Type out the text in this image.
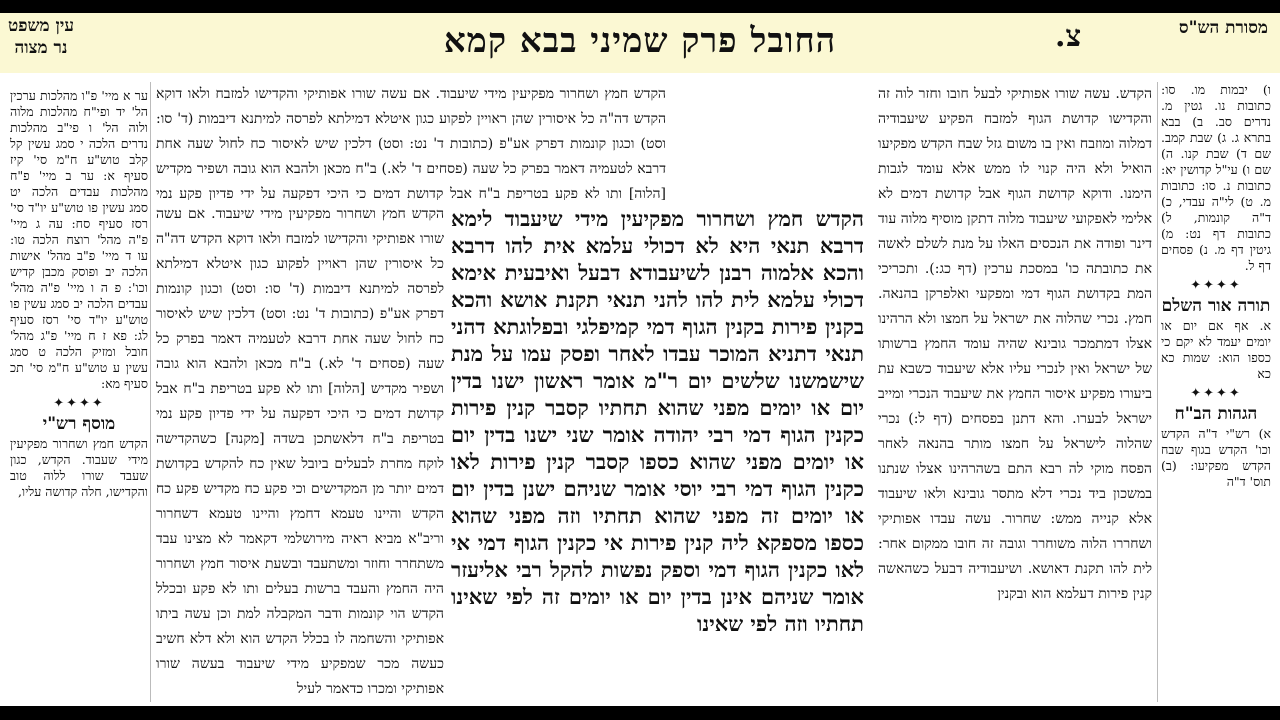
מסורת הש"ס
צ.
החובל פרק שמיני בבא קמא
עין משפט
נר מצוה
ו) יבמות מו. סו: כתובות נו. גטין מ. נדרים סב. ב) בבא בתרא ג. ג) שבת קמב. שם ד) שבת קנו. ה) שם ו) עי"ל קדושין יא: כתובות נ. סו: כתובות מ. ט) לי"ה עבדי, כ) ד"ה קונמות, ל) כתובות דף נט: מ) גיטין דף מ. נ) פסחים דף ל.
✦✦✦✦
תורה אור השלם
א. אף אם יום או יומים יעמד לא יקם כי כספו הוא: שמות כא כא
✦✦✦✦
הגהות הב"ח
א) רש"י ד"ה הקדש וכו' הקדש בגוף שבח הקדש מפקיעו: (ב) תוס' ד"ה
הקדש. עשה שורו אפותיקי לבעל חובו וחזר לוה זה והקדישו קדושת הגוף למזבח הפקיע שיעבודיה דמלוה ומוזבח ואין בו משום גזל שבח הקדש מפקיעו הואיל ולא היה קנוי לו ממש אלא עומד לגבות הימנו. ודוקא קדושת הגוף אבל קדושת דמים לא אלימי לאפקועי שיעבוד מלוה דתקן מוסיף מלוה עוד דינר ופודה את הנכסים האלו על מנת לשלם לאשה את כתובתה כו' במסכת ערכין (דף כג:). ותכריכי המת בקדושת הגוף דמי ומפקעי ואלפרקן בהנאה. חמץ. נכרי שהלוה את ישראל על חמצו ולא הרהינו אצלו דמתמכר גובינא שהיה עומד החמץ ברשותו של ישראל ואין לנכרי עליו אלא שיעבוד כשבא עת ביעורו מפקיע איסור החמץ את שיעבוד הנכרי ומייב ישראל לבערו. והא דתנן בפסחים (דף ל:) נכרי שהלוה לישראל על חמצו מותר בהנאה לאחר הפסח מוקי לה רבא התם בשהרהינו אצלו שנתנו במשכון ביד נכרי דלא מתסר גובינא ולאו שיעבוד אלא קנייה ממש: שחרור. עשה עבדו אפותיקי ושחררו הלוה משוחרר וגובה זה חובו ממקום אחר: לית להו תקנת דאושא. ושיעבודיה דבעל כשהאשה קנין פירות דעלמא הוא ובקנין
הקדש חמץ ושחרור מפקיעין מידי שיעבוד. אם עשה שורו אפותיקי והקדישו למזבח ולאו דוקא הקדש דה"ה כל איסורין שהן ראויין לפקוע כגון איטלא דמילתא לפרסה למיתנא דיבמות (ד' סו: וסט) וכגון קונמות דפרק אע"פ (כתובות ד' נט: וסט) דלכין שיש לאיסור כח לחול שעה אחת דרבא לטעמיה דאמר בפרק כל שעה (פסחים ד' לא.) ב"ח מכאן ולהבא הוא גובה ושפיר מקדיש [הלוה] ותו לא פקע בטריפת ב"ח אבל קדושת דמים כי היכי דפקעה על ידי פדיון פקע נמי
הקדש חמץ ושחרור מפקיעין מידי שיעבוד. אם עשה שורו אפותיקי והקדישו למזבח ולאו דוקא הקדש דה"ה כל איסורין שהן ראויין לפקוע כגון איטלא דמילתא לפרסה למיתנא דיבמות (ד' סו: וסט) וכגון קונמות דפרק אע"פ (כתובות ד' נט: וסט) דלכין שיש לאיסור כח לחול שעה אחת דרבא לטעמיה דאמר בפרק כל שעה (פסחים ד' לא.) ב"ח מכאן ולהבא הוא גובה ושפיר מקדיש [הלוה] ותו לא פקע בטריפת ב"ח אבל קדושת דמים כי היכי דפקעה על ידי פדיון פקע נמי בטריפת ב"ח דלאשתכן בשדה [מקנה] כשהקדישה לוקח מחרת לבעלים ביובל שאין כח להקדש בקדושת דמים יותר מן המקדישים וכי פקע כח מקדיש פקע כח הקדש והיינו טעמא דחמץ והיינו טעמא דשחרור וריב"א מביא ראיה מירושלמי דקאמר לא מצינו עבד משתחרר וחוזר ומשתעבד ובשעת איסור חמץ ושחרור היה החמץ והעבד ברשות בעלים ותו לא פקע ובכלל הקדש הוי קונמות ודבר המקבלה למת וכן עשה ביתו אפותיקי והשחמה לו בכלל הקדש הוא ולא דלא חשיב כעשה מכר שמפקיע מידי שיעבוד בעשה שורו אפותיקי ומכרו כדאמר לעיל
הקדש חמץ ושחרור מפקיעין מידי שיעבוד לימא דרבא תנאי היא לא דכולי עלמא אית להו דרבא והכא אלמוה רבנן לשיעבודא דבעל ואיבעית אימא דכולי עלמא לית להו להני תנאי תקנת אושא והכא בקנין פירות בקנין הגוף דמי קמיפלגי ובפלוגתא דהני תנאי דתניא המוכר עבדו לאחר ופסק עמו על מנת שישמשנו שלשים יום ר"מ אומר ראשון ישנו בדין יום או יומים מפני שהוא תחתיו קסבר קנין פירות כקנין הגוף דמי רבי יהודה אומר שני ישנו בדין יום או יומים מפני שהוא כספו קסבר קנין פירות לאו כקנין הגוף דמי רבי יוסי אומר שניהם ישנן בדין יום או יומים זה מפני שהוא תחתיו וזה מפני שהוא כספו מספקא ליה קנין פירות אי כקנין הגוף דמי אי לאו כקנין הגוף דמי וספק נפשות להקל רבי אליעזר אומר שניהם אינן בדין יום או יומים זה לפי שאינו תחתיו וזה לפי שאינו
ער א מיי' פ"ו מהלכות ערכין הל' יד ופי"ח מהלכות מלוה ולוה הל' ו פי"ב מהלכות נדרים הלכה י סמג עשין קל קלב טוש"ע ח"מ סי' קיז סעיף א: ער ב מיי' פ"ח מהלכות עבדים הלכה יט סמג עשין פו טוש"ע יו"ד סי' רסז סעיף סח: עה ג מיי' פ"ה מהל' רוצח הלכה טו: עו ד מיי' פ"ב מהל' אישות הלכה יב ופוסק מכבן קדיש וכו': פ ה ו מיי' פ"ה מהל' עבדים הלכה יב סמג עשין פו טוש"ע יו"ד סי' רסז סעיף לג: פא ז ח מיי' פ"ג מהל' חובל ומזיק הלכה ט סמג עשין ע טוש"ע ח"מ סי' תכ סעיף מא:
✦✦✦✦
מוסף רש"י
הקדש חמץ ושחרור מפקיעין מידי שעבוד. הקדש, כגון שעבד שורו ללוה טוב והקדישו, חלה קדושה עליו,
